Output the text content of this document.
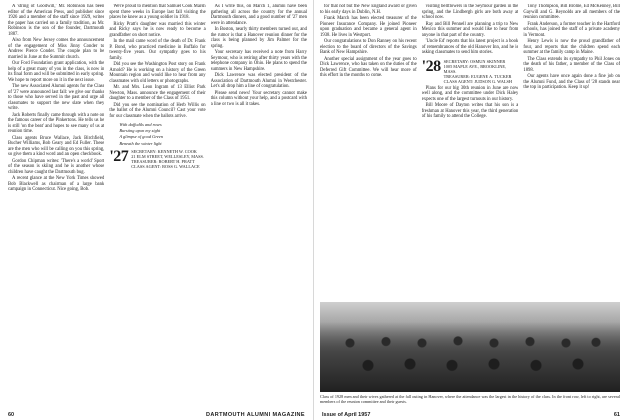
A 'string of Goodwill,' Mr. Robinson has been editor of the American Press, and publisher since 1926 and a member of the staff since 1929, writes the paper has carried on a family tradition, as Mr. Robinson is the son of the founder, Dartmouth 1887.

Also from New Jersey comes the announcement of the engagement of Miss Jinny Conder to Andrew Pierce Conder. The couple plan to be married in June at the Summit church.

Our Ford Foundation grant application, with the help of a great many of you in the class, is now in its final form and will be submitted in early spring. We hope to report more on it in the next issue.

The new Associated Alumni agents for the Class of '27 were announced last fall: we give our thanks to those who have served in the past and urge all classmates to support the new slate when they write.

Jack Roberts finally came through with a note on the famous career of the Pinkertons. He tells us he is still 'on the beat' and hopes to see many of us at reunion time.

Class agents Bruce Wallace, Jack Birchfield, Bucher Williams, Bob Geary and Ed Fuller. These are the men who will be calling on you this spring, so give them a kind word and an open checkbook.

Gordon Chipman writes: 'There's a world' Sport of the season is skiing and he is another whose children have caught the Dartmouth bug.

A recent glance at the New York Times showed Bob Blackwell as chairman of a large bank campaign in Connecticut. Nice going, Bob.

We're proud to mention that Samuel Cook Marsh spent three weeks in Europe last fall visiting the places he knew as a young soldier in 1918.

Ricky Pratt's daughter was married this winter and Ricky says he is now ready to become a grandfather on short notice.

In the mail came word of the death of Dr. Frank P. Bond, who practiced medicine in Buffalo for twenty-five years. Our sympathy goes to his family.

Did you see the Washington Post story on Frank Arnold? He is working on a history of the Green Mountain region and would like to hear from any classmates with old letters or photographs.

Mr. and Mrs. Leon Ingram of 13 Elliot Park Newton, Mass. announce the engagement of their daughter to a member of the Class of 1951.

Did you see the nomination of Herb Willis on the ballot of the Alumni Council? Cast your vote for our classmate when the ballots arrive.

With daffodils and roses

Bursting upon my sight

A glimpse of good Green

Beneath the winter light

'27 SECRETARY: KENNETH W. COOK
21 ELM STREET, WELLESLEY, MASS.
TREASURER: ROBERT H. PRATT
CLASS AGENT: ROSS G. WALLACE

As I write this, on March 1, alumni have been gathering all across the country for the annual Dartmouth dinners, and a good number of '27 men were in attendance.

In Boston, nearly thirty members turned out, and the rumor is that a Hanover reunion dinner for the class is being planned by Jim Palmer for the spring.

Your secretary has received a note from Harry Seymour, who is retiring after thirty years with the telephone company in Ohio. He plans to spend the summers in New Hampshire.

Dick Lawrence was elected president of the Association of Dartmouth Alumni in Westchester. Let's all drop him a line of congratulation.

Please send news! Your secretary cannot make this column without your help, and a postcard with a line or two is all it takes.

60	DARTMOUTH ALUMNI MAGAZINE

for that not but the New England award or given to his early days in Dublin, N.H.

Frank March has been elected treasurer of the Pioneer Insurance Company. He joined Pioneer upon graduation and became a general agent in 1938. He lives in Westport.

Our congratulations to Don Ranney on his recent election to the board of directors of the Savings Bank of New Hampshire.

Another special assignment of the year goes to Dick Lawrence, who has taken on the duties of the Deferred Gift Committee. We will hear more of this effort in the months to come.

visiting bellflowers in the Seymour garden in the spring, and the Lindbergh girls are both away at school now.

Ray and Bill Pennell are planning a trip to New Mexico this summer and would like to hear from anyone in that part of the country.

'Uncle Ed' reports that his latest project is a book of remembrances of the old Hanover Inn, and he is asking classmates to send him stories.

'28 SECRETARY: OSMUN SKINNER
1005 MAPLE AVE., BROOKLINE, MASS.
TREASURER: EUGENE A. TUCKER
CLASS AGENT: JUDSON G. WALSH

Plans for our big 30th reunion in June are now well along, and the committee under Dick Haley expects one of the largest turnouts in our history.

Bill Moore of Dayton writes that his son is a freshman at Hanover this year, the third generation of his family to attend the College.

Tony Thompson, Bill Brome, Ed McKenney, Bill Gaywill and G. Reynolds are all members of the reunion committee.

Frank Anderson, a former teacher in the Hartford schools, has joined the staff of a private academy in Vermont.

Henry Lewis is now the proud grandfather of four, and reports that the children spend each summer at the family camp in Maine.

The Class extends its sympathy to Phil Jones on the death of his father, a member of the Class of 1898.

Our agents have once again done a fine job on the Alumni Fund, and the Class of '28 stands near the top in participation. Keep it up!

Class of 1928 men and their wives gathered at the fall outing in Hanover, where the attendance was the largest in the history of the class. In the front row, left to right, are several members of the reunion committee and their guests.
Issue of April 1957	61
